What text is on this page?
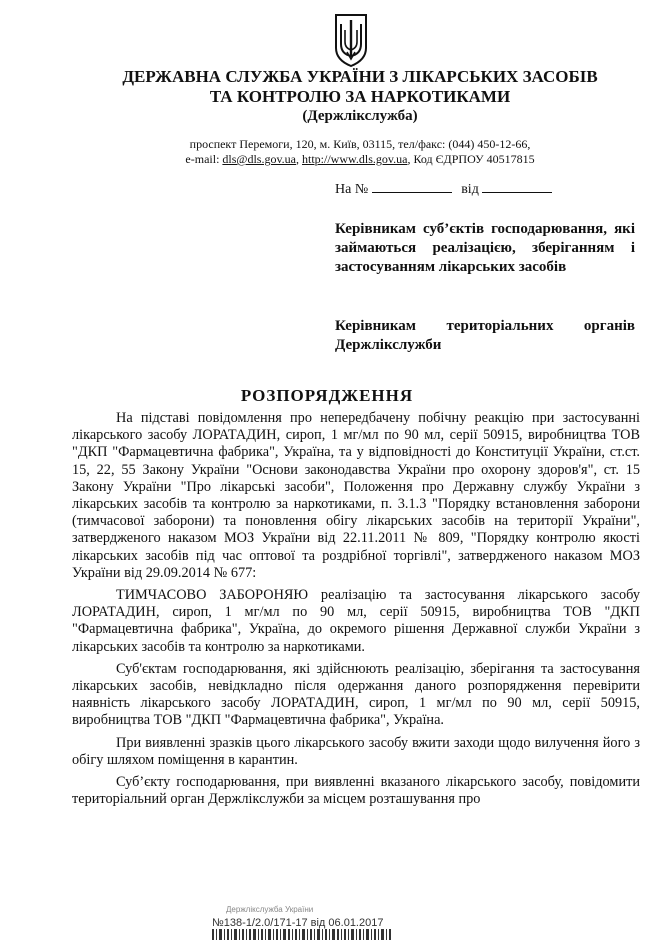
ДЕРЖАВНА СЛУЖБА УКРАЇНИ З ЛІКАРСЬКИХ ЗАСОБІВ
ТА КОНТРОЛЮ ЗА НАРКОТИКАМИ
(Держлікслужба)
проспект Перемоги, 120, м. Київ, 03115, тел/факс: (044) 450-12-66,
e-mail: dls@dls.gov.ua, http://www.dls.gov.ua, Код ЄДРПОУ 40517815
На №	від
Керівникам суб’єктів господарювання, які займаються реалізацією, зберіганням і застосуванням лікарських засобів
Керівникам територіальних органів Держлікслужби
РОЗПОРЯДЖЕННЯ

На підставі повідомлення про непередбачену побічну реакцію при застосуванні лікарського засобу ЛОРАТАДИН, сироп, 1 мг/мл по 90 мл, серії 50915, виробництва ТОВ "ДКП "Фармацевтична фабрика", Україна, та у відповідності до Конституції України, ст.ст. 15, 22, 55 Закону України "Основи законодавства України про охорону здоров'я", ст. 15 Закону України "Про лікарські засоби", Положення про Державну службу України з лікарських засобів та контролю за наркотиками, п. 3.1.3 "Порядку встановлення заборони (тимчасової заборони) та поновлення обігу лікарських засобів на території України", затвердженого наказом МОЗ України від 22.11.2011 № 809, "Порядку контролю якості лікарських засобів під час оптової та роздрібної торгівлі", затвердженого наказом МОЗ України від 29.09.2014 № 677:

ТИМЧАСОВО ЗАБОРОНЯЮ реалізацію та застосування лікарського засобу ЛОРАТАДИН, сироп, 1 мг/мл по 90 мл, серії 50915, виробництва ТОВ "ДКП "Фармацевтична фабрика", Україна, до окремого рішення Державної служби України з лікарських засобів та контролю за наркотиками.

Суб'єктам господарювання, які здійснюють реалізацію, зберігання та застосування лікарських засобів, невідкладно після одержання даного розпорядження перевірити наявність лікарського засобу ЛОРАТАДИН, сироп, 1 мг/мл по 90 мл, серії 50915, виробництва ТОВ "ДКП "Фармацевтична фабрика", Україна.

При виявленні зразків цього лікарського засобу вжити заходи щодо вилучення його з обігу шляхом поміщення в карантин.

Суб’єкту господарювання, при виявленні вказаного лікарського засобу, повідомити територіальний орган Держлікслужби за місцем розташування про

Держлікслужба України
№138-1/2.0/171-17 від 06.01.2017
